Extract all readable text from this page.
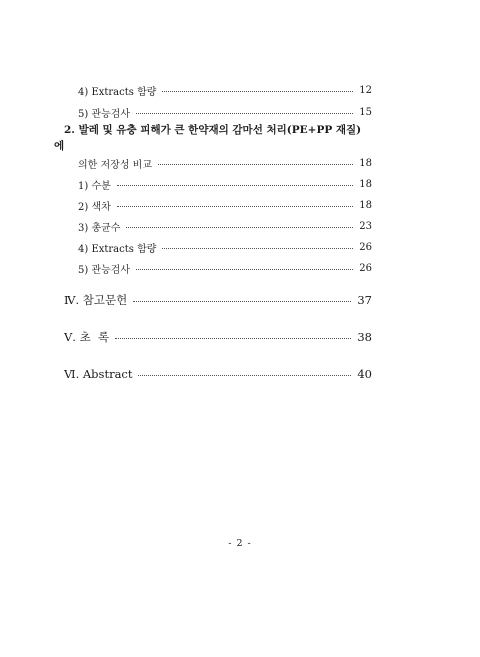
4) Extracts 함량	12
5) 관능검사	15
2. 발레 및 유충 피해가 큰 한약재의 감마선 처리(PE+PP 재질)
에
의한 저장성 비교	18
1) 수분	18
2) 색차	18
3) 총균수	23
4) Extracts 함량	26
5) 관능검사	26
Ⅳ. 참고문헌	37
Ⅴ. 초  록	38
Ⅵ. Abstract	40
- 2 -
